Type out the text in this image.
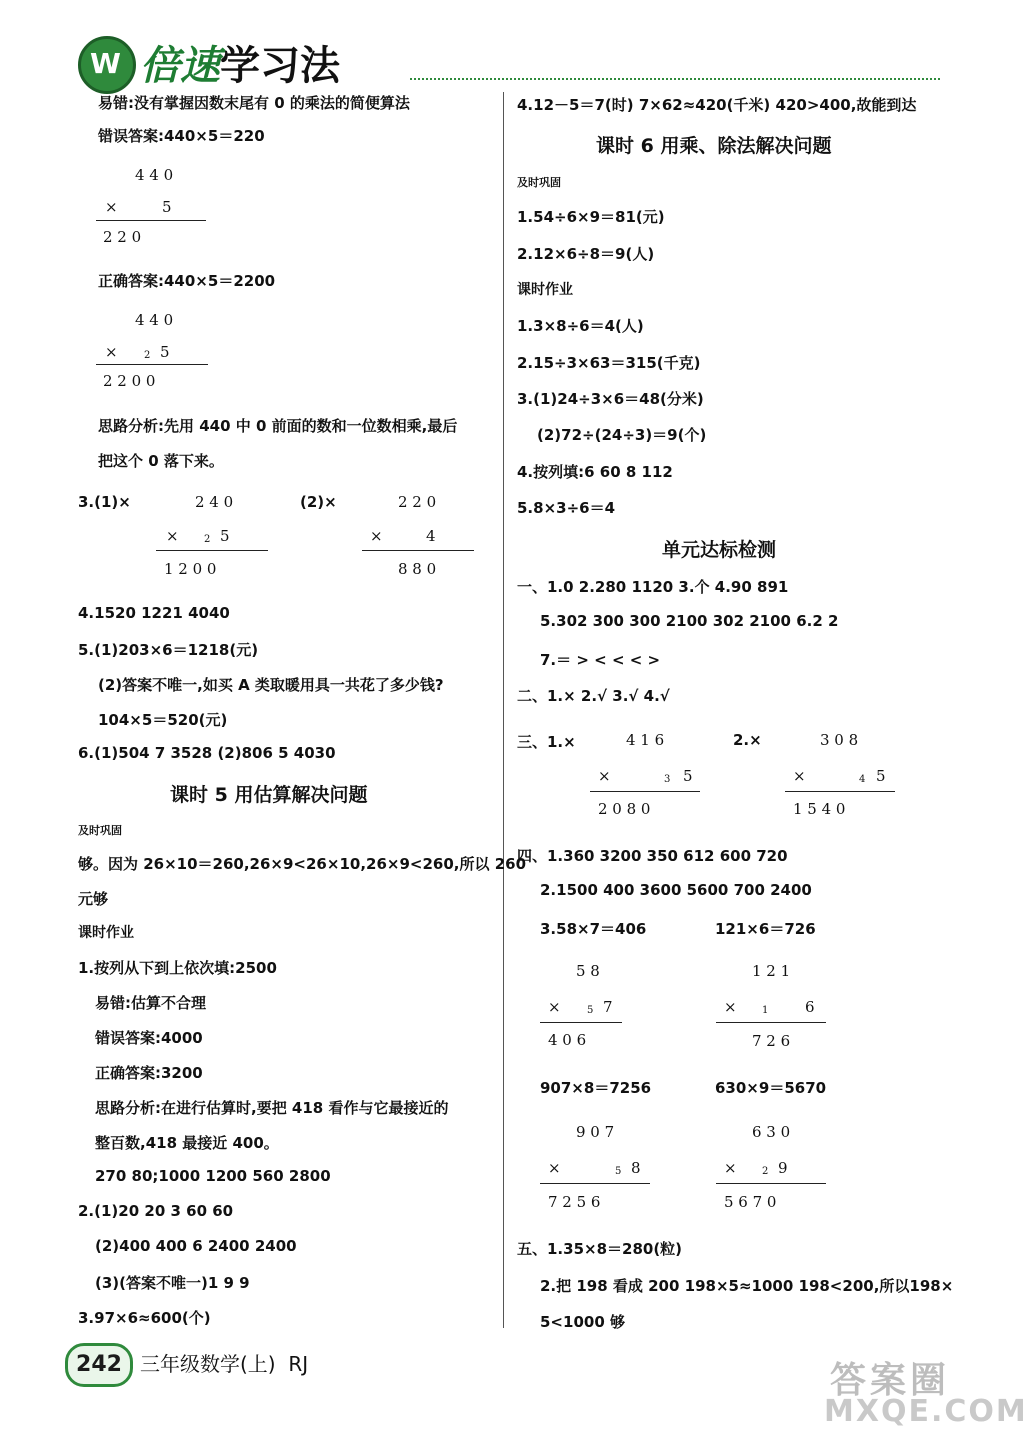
W 倍速学习法
易错:没有掌握因数末尾有 0 的乘法的简便算法
错误答案:440×5＝220
4 4 0
×	5
2 2 0
正确答案:440×5＝2200
4 4 0
×	2 5
2 2 0 0
思路分析:先用 440 中 0 前面的数和一位数相乘,最后
把这个 0 落下来。
3.(1)×	2 4 0
×	2 5
1 2 0 0
(2)×	2 2 0
×	4
8 8 0
4.1520 1221 4040
5.(1)203×6＝1218(元)
(2)答案不唯一,如买 A 类取暖用具一共花了多少钱?
104×5＝520(元)
6.(1)504 7 3528 (2)806 5 4030
课时 5 用估算解决问题
及时巩固
够。因为 26×10＝260,26×9<26×10,26×9<260,所以 260
元够
课时作业
1.按列从下到上依次填:2500
易错:估算不合理
错误答案:4000
正确答案:3200
思路分析:在进行估算时,要把 418 看作与它最接近的
整百数,418 最接近 400。
270 80;1000 1200 560 2800
2.(1)20 20 3 60 60
(2)400 400 6 2400 2400
(3)(答案不唯一)1 9 9
3.97×6≈600(个)
4.12－5＝7(时) 7×62≈420(千米) 420>400,故能到达
课时 6 用乘、除法解决问题
及时巩固
1.54÷6×9＝81(元)
2.12×6÷8＝9(人)
课时作业
1.3×8÷6＝4(人)
2.15÷3×63＝315(千克)
3.(1)24÷3×6＝48(分米)
(2)72÷(24÷3)＝9(个)
4.按列填:6 60 8 112
5.8×3÷6＝4
单元达标检测
一、1.0 2.280 1120 3.个 4.90 891
5.302 300 300 2100 302 2100 6.2 2
7.＝ > < < < >
二、1.× 2.√ 3.√ 4.√
三、1.×	4 1 6
×	3 5
2 0 8 0
2.×	3 0 8
×	4 5
1 5 4 0
四、1.360 3200 350 612 600 720
2.1500 400 3600 5600 700 2400
3.58×7＝406	121×6＝726
5 8
×	5 7
4 0 6
1 2 1
×	1 6
7 2 6
907×8＝7256	630×9＝5670
9 0 7
×	5 8
7 2 5 6
6 3 0
×	2 9
5 6 7 0
五、1.35×8＝280(粒)
2.把 198 看成 200 198×5≈1000 198<200,所以198×
5<1000 够
242 三年级数学(上) RJ	答案圈
MXQE.COM
